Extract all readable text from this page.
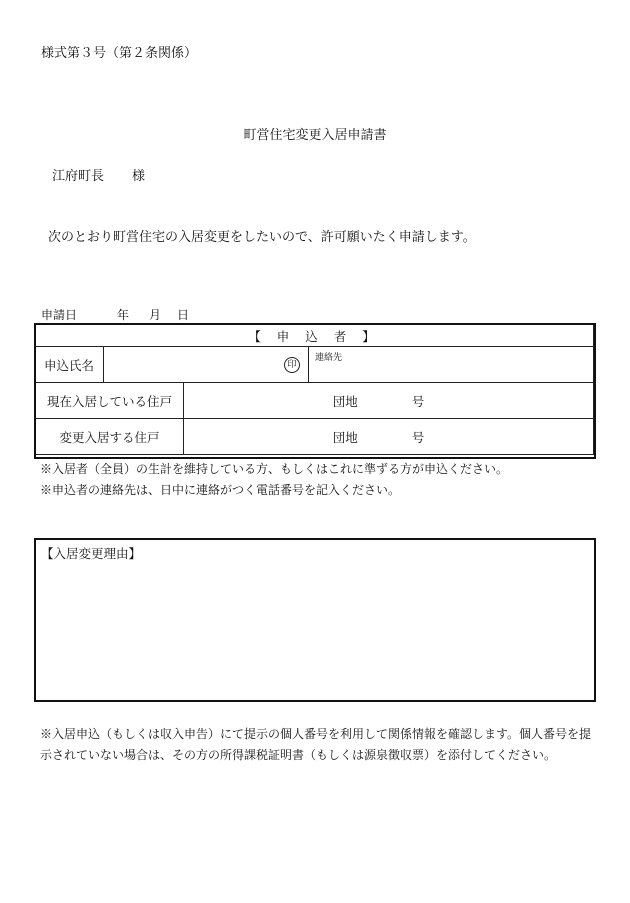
様式第３号（第２条関係）
町営住宅変更入居申請書
江府町長 様
次のとおり町営住宅の入居変更をしたいので、許可願いたく申請します。
申請日	年 月 日
【 申 込 者 】			
申込氏名	印		連絡先

現在入居している住戸		団地 号	

変更入居する住戸		団地 号	
※入居者（全員）の生計を維持している方、もしくはこれに準ずる方が申込ください。
※申込者の連絡先は、日中に連絡がつく電話番号を記入ください。
【入居変更理由】
※入居申込（もしくは収入申告）にて提示の個人番号を利用して関係情報を確認します。個人番号を提示されていない場合は、その方の所得課税証明書（もしくは源泉徴収票）を添付してください。
